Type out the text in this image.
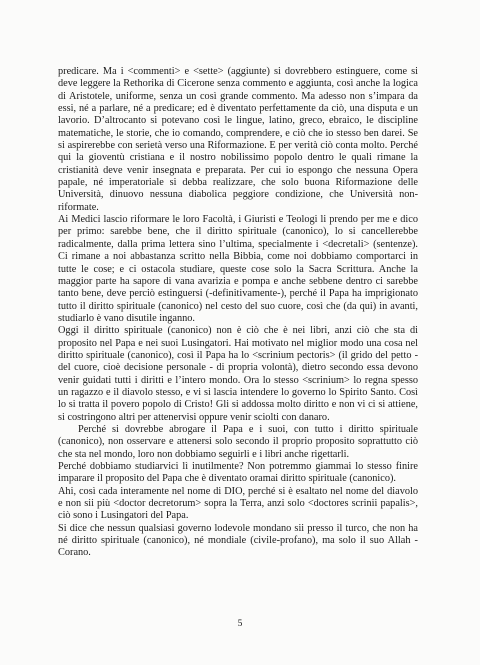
predicare. Ma i <commenti> e <sette> (aggiunte) si dovrebbero estinguere, come si deve leggere la Rethorika di Cicerone senza commento e aggiunta, così anche la logica di Aristotele, uniforme, senza un così grande commento. Ma adesso non s’impara da essi, né a parlare, né a predicare; ed è diventato perfettamente da ciò, una disputa e un lavorio. D’altrocanto si potevano così le lingue, latino, greco, ebraico, le discipline matematiche, le storie, che io comando, comprendere, e ciò che io stesso ben darei. Se si aspirerebbe con serietà verso una Riformazione. E per verità ciò conta molto. Perché qui la gioventù cristiana e il nostro nobilissimo popolo dentro le quali rimane la cristianità deve venir insegnata e preparata. Per cui io espongo che nessuna Opera papale, né imperatoriale si debba realizzare, che solo buona Riformazione delle Università, dinuovo nessuna diabolica peggiore condizione, che Università non-riformate.

Ai Medici lascio riformare le loro Facoltà, i Giuristi e Teologi li prendo per me e dico per primo: sarebbe bene, che il diritto spirituale (canonico), lo si cancellerebbe radicalmente, dalla prima lettera sino l’ultima, specialmente i <decretali> (sentenze). Ci rimane a noi abbastanza scritto nella Bibbia, come noi dobbiamo comportarci in tutte le cose; e ci ostacola studiare, queste cose solo la Sacra Scrittura. Anche la maggior parte ha sapore di vana avarizia e pompa e anche sebbene dentro ci sarebbe tanto bene, deve perciò estinguersi (-definitivamente-), perché il Papa ha imprigionato tutto il diritto spirituale (canonico) nel cesto del suo cuore, così che (da qui) in avanti, studiarlo è vano disutile inganno.

Oggi il diritto spirituale (canonico) non è ciò che è nei libri, anzi ciò che sta di proposito nel Papa e nei suoi Lusingatori. Hai motivato nel miglior modo una cosa nel diritto spirituale (canonico), così il Papa ha lo <scrinium pectoris> (il grido del petto - del cuore, cioè decisione personale - di propria volontà), dietro secondo essa devono venir guidati tutti i diritti e l’intero mondo. Ora lo stesso <scrinium> lo regna spesso un ragazzo e il diavolo stesso, e vi si lascia intendere lo governo lo Spirito Santo. Così lo si tratta il povero popolo di Cristo! Gli si addossa molto diritto e non vi ci si attiene, si costringono altri per attenervisi oppure venir sciolti con danaro.

Perché si dovrebbe abrogare il Papa e i suoi, con tutto i diritto spirituale (canonico), non osservare e attenersi solo secondo il proprio proposito soprattutto ciò che sta nel mondo, loro non dobbiamo seguirli e i libri anche rigettarli.

Perché dobbiamo studiarvici lì inutilmente? Non potremmo giammai lo stesso finire imparare il proposito del Papa che è diventato oramai diritto spirituale (canonico).

Ahi, così cada interamente nel nome di DIO, perché si è esaltato nel nome del diavolo e non sii più <doctor decretorum> sopra la Terra, anzi solo <doctores scrinii papalis>, ciò sono i Lusingatori del Papa.

Si dice che nessun qualsiasi governo lodevole mondano sii presso il turco, che non ha né diritto spirituale (canonico), né mondiale (civile-profano), ma solo il suo Allah - Corano.

5
